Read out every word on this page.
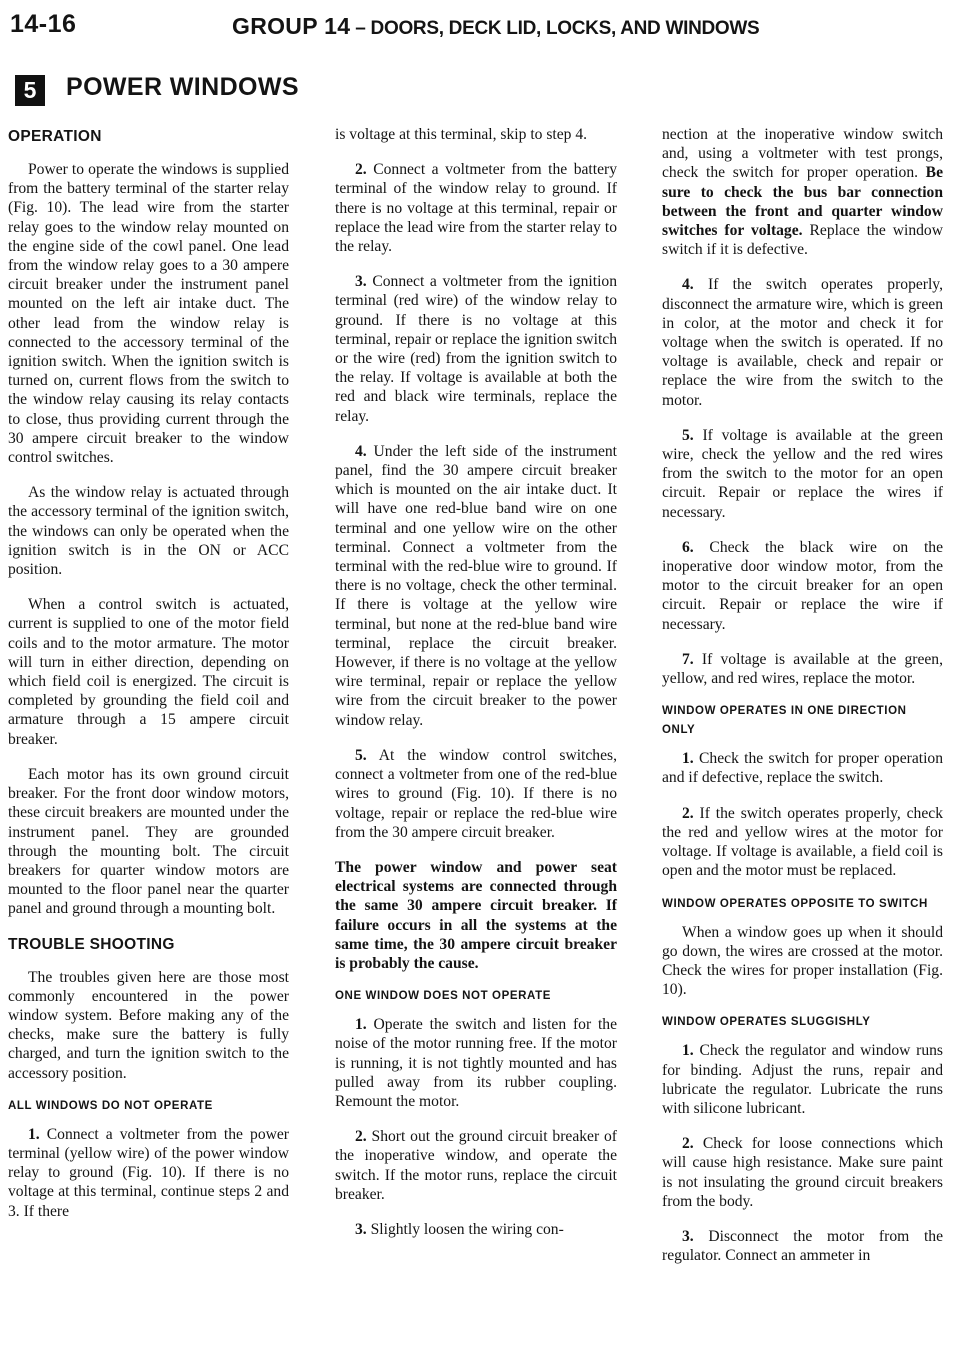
14-16	GROUP 14 – DOORS, DECK LID, LOCKS, AND WINDOWS
5	POWER WINDOWS
OPERATION

Power to operate the windows is supplied from the battery terminal of the starter relay (Fig. 10). The lead wire from the starter relay goes to the window relay mounted on the engine side of the cowl panel. One lead from the window relay goes to a 30 ampere circuit breaker under the instrument panel mounted on the left air intake duct. The other lead from the window relay is connected to the accessory terminal of the ignition switch. When the ignition switch is turned on, current flows from the switch to the window relay causing its relay contacts to close, thus providing current through the 30 ampere circuit breaker to the window control switches.

As the window relay is actuated through the accessory terminal of the ignition switch, the windows can only be operated when the ignition switch is in the ON or ACC position.

When a control switch is actuated, current is supplied to one of the motor field coils and to the motor armature. The motor will turn in either direction, depending on which field coil is energized. The circuit is completed by grounding the field coil and armature through a 15 ampere circuit breaker.

Each motor has its own ground circuit breaker. For the front door window motors, these circuit breakers are mounted under the instrument panel. They are grounded through the mounting bolt. The circuit breakers for quarter window motors are mounted to the floor panel near the quarter panel and ground through a mounting bolt.

TROUBLE SHOOTING

The troubles given here are those most commonly encountered in the power window system. Before making any of the checks, make sure the battery is fully charged, and turn the ignition switch to the accessory position.

ALL WINDOWS DO NOT OPERATE

1. Connect a voltmeter from the power terminal (yellow wire) of the power window relay to ground (Fig. 10). If there is no voltage at this terminal, continue steps 2 and 3. If there

is voltage at this terminal, skip to step 4.

2. Connect a voltmeter from the battery terminal of the window relay to ground. If there is no voltage at this terminal, repair or replace the lead wire from the starter relay to the relay.

3. Connect a voltmeter from the ignition terminal (red wire) of the window relay to ground. If there is no voltage at this terminal, repair or replace the ignition switch or the wire (red) from the ignition switch to the relay. If voltage is available at both the red and black wire terminals, replace the relay.

4. Under the left side of the instrument panel, find the 30 ampere circuit breaker which is mounted on the air intake duct. It will have one red-blue band wire on one terminal and one yellow wire on the other terminal. Connect a voltmeter from the terminal with the red-blue wire to ground. If there is no voltage, check the other terminal. If there is voltage at the yellow wire terminal, but none at the red-blue band wire terminal, replace the circuit breaker. However, if there is no voltage at the yellow wire terminal, repair or replace the yellow wire from the circuit breaker to the power window relay.

5. At the window control switches, connect a voltmeter from one of the red-blue wires to ground (Fig. 10). If there is no voltage, repair or replace the red-blue wire from the 30 ampere circuit breaker.

The power window and power seat electrical systems are connected through the same 30 ampere circuit breaker. If failure occurs in all the systems at the same time, the 30 ampere circuit breaker is probably the cause.

ONE WINDOW DOES NOT OPERATE

1. Operate the switch and listen for the noise of the motor running free. If the motor is running, it is not tightly mounted and has pulled away from its rubber coupling. Remount the motor.

2. Short out the ground circuit breaker of the inoperative window, and operate the switch. If the motor runs, replace the circuit breaker.

3. Slightly loosen the wiring con-

nection at the inoperative window switch and, using a voltmeter with test prongs, check the switch for proper operation. Be sure to check the bus bar connection between the front and quarter window switches for voltage. Replace the window switch if it is defective.

4. If the switch operates properly, disconnect the armature wire, which is green in color, at the motor and check it for voltage when the switch is operated. If no voltage is available, check and repair or replace the wire from the switch to the motor.

5. If voltage is available at the green wire, check the yellow and the red wires from the switch to the motor for an open circuit. Repair or replace the wires if necessary.

6. Check the black wire on the inoperative door window motor, from the motor to the circuit breaker for an open circuit. Repair or replace the wire if necessary.

7. If voltage is available at the green, yellow, and red wires, replace the motor.

WINDOW OPERATES IN ONE DIRECTION ONLY

1. Check the switch for proper operation and if defective, replace the switch.

2. If the switch operates properly, check the red and yellow wires at the motor for voltage. If voltage is available, a field coil is open and the motor must be replaced.

WINDOW OPERATES OPPOSITE TO SWITCH

When a window goes up when it should go down, the wires are crossed at the motor. Check the wires for proper installation (Fig. 10).

WINDOW OPERATES SLUGGISHLY

1. Check the regulator and window runs for binding. Adjust the runs, repair and lubricate the regulator. Lubricate the runs with silicone lubricant.

2. Check for loose connections which will cause high resistance. Make sure paint is not insulating the ground circuit breakers from the body.

3. Disconnect the motor from the regulator. Connect an ammeter in
